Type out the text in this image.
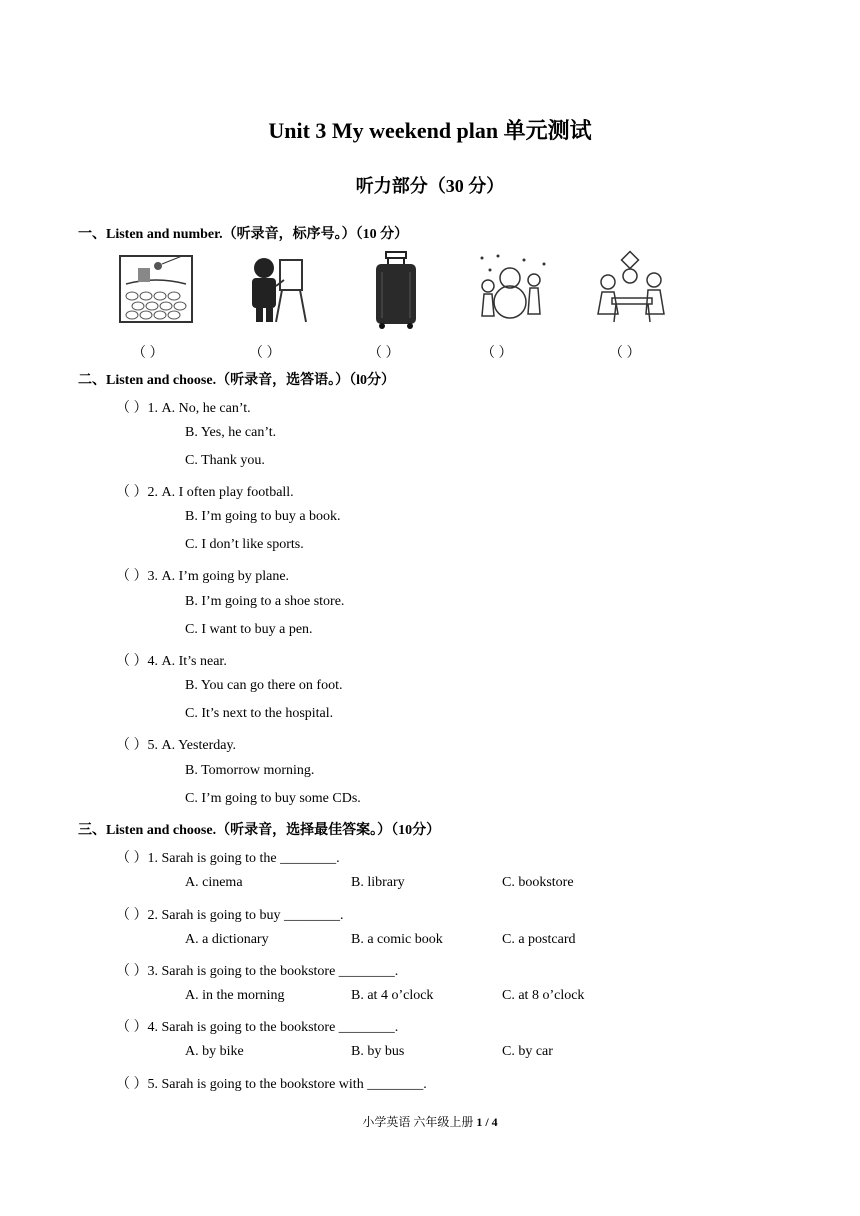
Unit 3 My weekend plan 单元测试
听力部分（30 分）
一、Listen and number.（听录音，标序号。）（10 分）
（ ）	（ ）	（ ）	（ ）	（ ）
二、Listen and choose.（听录音，选答语。）（l0分）
（ ）1. A. No, he can’t.
B. Yes, he can’t.
C. Thank you.
（ ）2. A. I often play football.
B. I’m going to buy a book.
C. I don’t like sports.
（ ）3. A. I’m going by plane.
B. I’m going to a shoe store.
C. I want to buy a pen.
（ ）4. A. It’s near.
B. You can go there on foot.
C. It’s next to the hospital.
（ ）5. A. Yesterday.
B. Tomorrow morning.
C. I’m going to buy some CDs.
三、Listen and choose.（听录音，选择最佳答案。）（10分）
（ ）1. Sarah is going to the ________.
A. cinema	B. library	C. bookstore
（ ）2. Sarah is going to buy ________.
A. a dictionary	B. a comic book	C. a postcard
（ ）3. Sarah is going to the bookstore ________.
A. in the morning	B. at 4 o’clock	C. at 8 o’clock
（ ）4. Sarah is going to the bookstore ________.
A. by bike	B. by bus	C. by car
（ ）5. Sarah is going to the bookstore with ________.
小学英语 六年级上册 1 / 4
